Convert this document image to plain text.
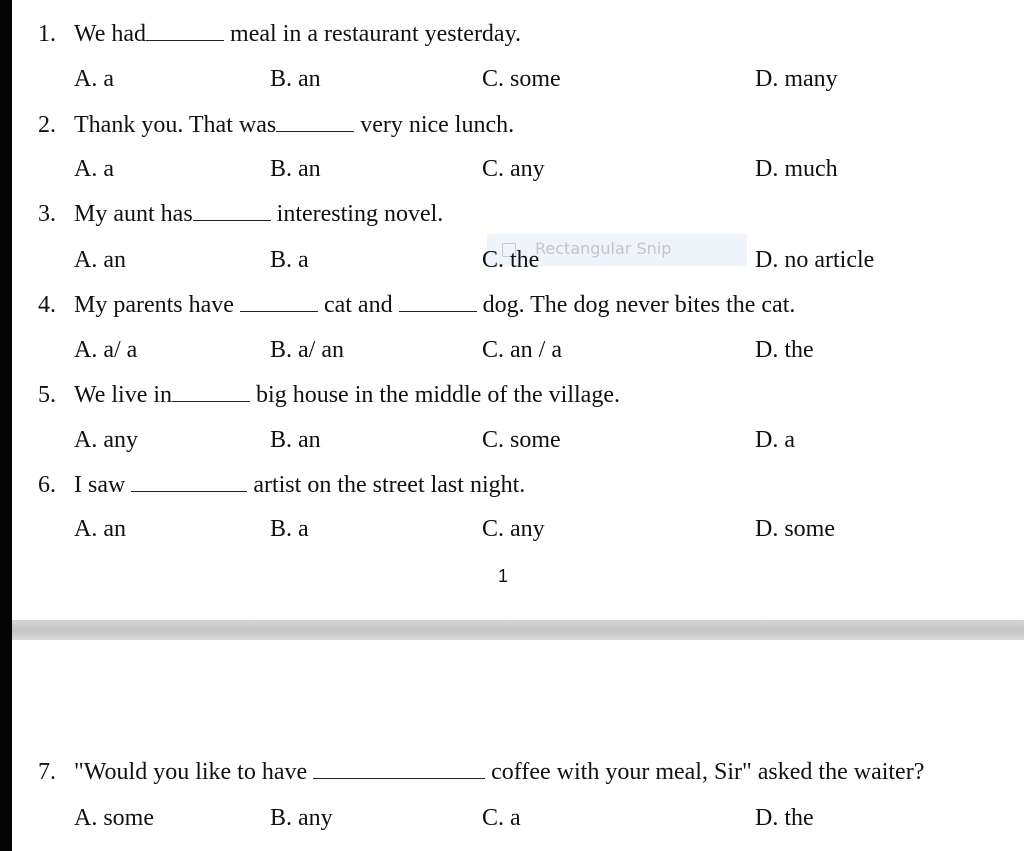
1. We had	meal in a restaurant yesterday.
A. a	B. an	C. some	D. many
2. Thank you. That was	very nice lunch.
A. a	B. an	C. any	D. much
3. My aunt has	interesting novel.
Rectangular Snip
A. an	B. a	C. the	D. no article
4. My parents have	cat and	dog. The dog never bites the cat.
A. a/ a	B. a/ an	C. an / a	D. the
5. We live in	big house in the middle of the village.
A. any	B. an	C. some	D. a
6. I saw	artist on the street last night.
A. an	B. a	C. any	D. some
1
7. "Would you like to have	coffee with your meal, Sir" asked the waiter?
A. some	B. any	C. a	D. the
